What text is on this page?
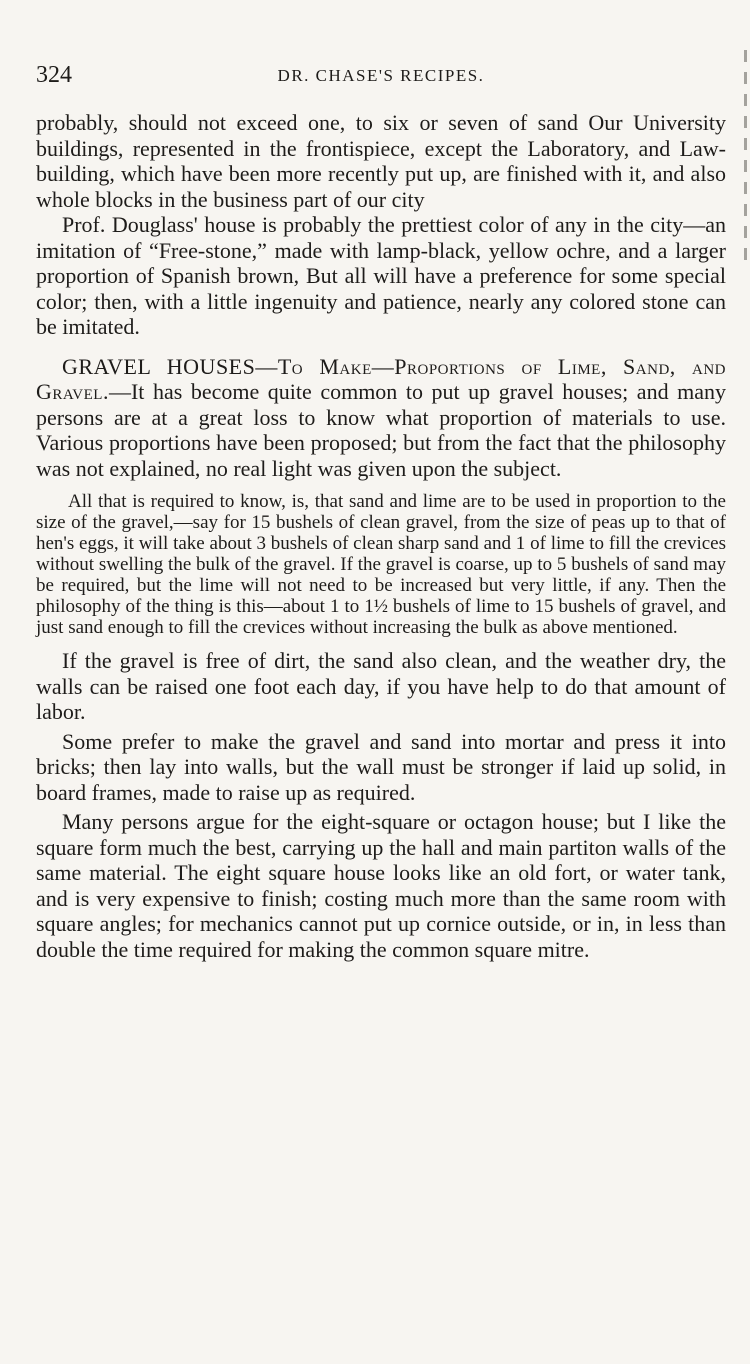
324	DR. CHASE'S RECIPES.

probably, should not exceed one, to six or seven of sand Our University buildings, represented in the frontispiece, except the Laboratory, and Law-building, which have been more recently put up, are finished with it, and also whole blocks in the business part of our city

Prof. Douglass' house is probably the prettiest color of any in the city—an imitation of “Free-stone,” made with lamp-black, yellow ochre, and a larger proportion of Spanish brown, But all will have a preference for some special color; then, with a little ingenuity and patience, nearly any colored stone can be imitated.

GRAVEL HOUSES—To Make—Proportions of Lime, Sand, and Gravel.—It has become quite common to put up gravel houses; and many persons are at a great loss to know what proportion of materials to use. Various proportions have been proposed; but from the fact that the philosophy was not explained, no real light was given upon the subject.

All that is required to know, is, that sand and lime are to be used in proportion to the size of the gravel,—say for 15 bushels of clean gravel, from the size of peas up to that of hen's eggs, it will take about 3 bushels of clean sharp sand and 1 of lime to fill the crevices without swelling the bulk of the gravel. If the gravel is coarse, up to 5 bushels of sand may be required, but the lime will not need to be increased but very little, if any. Then the philosophy of the thing is this—about 1 to 1½ bushels of lime to 15 bushels of gravel, and just sand enough to fill the crevices without increasing the bulk as above mentioned.

If the gravel is free of dirt, the sand also clean, and the weather dry, the walls can be raised one foot each day, if you have help to do that amount of labor.

Some prefer to make the gravel and sand into mortar and press it into bricks; then lay into walls, but the wall must be stronger if laid up solid, in board frames, made to raise up as required.

Many persons argue for the eight-square or octagon house; but I like the square form much the best, carrying up the hall and main partiton walls of the same material. The eight square house looks like an old fort, or water tank, and is very expensive to finish; costing much more than the same room with square angles; for mechanics cannot put up cornice outside, or in, in less than double the time required for making the common square mitre.
